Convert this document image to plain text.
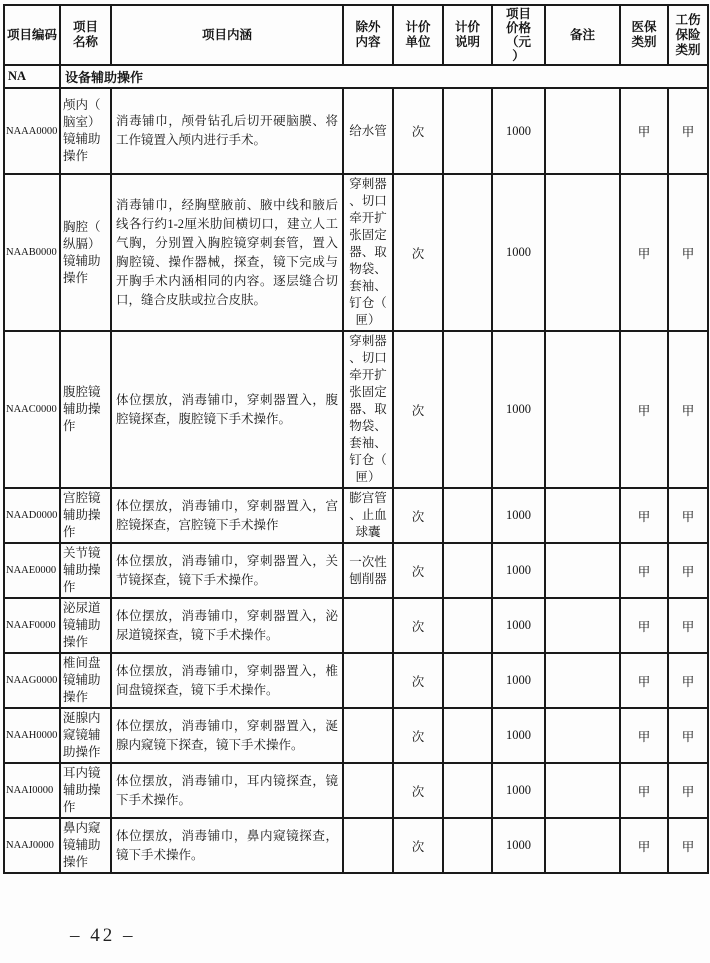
项目编码	项目名称	项目内涵	除外内容	计价单位	计价说明	项目价格（元）	备注	医保类别	工伤保险类别
NA	设备辅助操作								
NAAA0000	颅内（脑室）镜辅助操作	消毒铺巾，颅骨钻孔后切开硬脑膜、将工作镜置入颅内进行手术。	给水管	次		1000		甲	甲
NAAB0000	胸腔（纵膈）镜辅助操作	消毒铺巾，经胸壁腋前、腋中线和腋后线各行约1-2厘米肋间横切口，建立人工气胸，分别置入胸腔镜穿刺套管，置入胸腔镜、操作器械，探查，镜下完成与开胸手术内涵相同的内容。逐层缝合切口，缝合皮肤或拉合皮肤。	穿刺器、切口牵开扩张固定器、取物袋、套袖、钉仓（匣）	次		1000		甲	甲
NAAC0000	腹腔镜辅助操作	体位摆放，消毒铺巾，穿刺器置入，腹腔镜探查，腹腔镜下手术操作。	穿刺器、切口牵开扩张固定器、取物袋、套袖、钉仓（匣）	次		1000		甲	甲
NAAD0000	宫腔镜辅助操作	体位摆放，消毒铺巾，穿刺器置入，宫腔镜探查，宫腔镜下手术操作	膨宫管、止血球囊	次		1000		甲	甲
NAAE0000	关节镜辅助操作	体位摆放，消毒铺巾，穿刺器置入，关节镜探查，镜下手术操作。	一次性刨削器	次		1000		甲	甲
NAAF0000	泌尿道镜辅助操作	体位摆放，消毒铺巾，穿刺器置入，泌尿道镜探查，镜下手术操作。		次		1000		甲	甲
NAAG0000	椎间盘镜辅助操作	体位摆放，消毒铺巾，穿刺器置入，椎间盘镜探查，镜下手术操作。		次		1000		甲	甲
NAAH0000	涎腺内窥镜辅助操作	体位摆放，消毒铺巾，穿刺器置入，涎腺内窥镜下探查，镜下手术操作。		次		1000		甲	甲
NAAI0000	耳内镜辅助操作	体位摆放，消毒铺巾，耳内镜探查，镜下手术操作。		次		1000		甲	甲
NAAJ0000	鼻内窥镜辅助操作	体位摆放，消毒铺巾，鼻内窥镜探查，镜下手术操作。		次		1000		甲	甲
– 42 –
